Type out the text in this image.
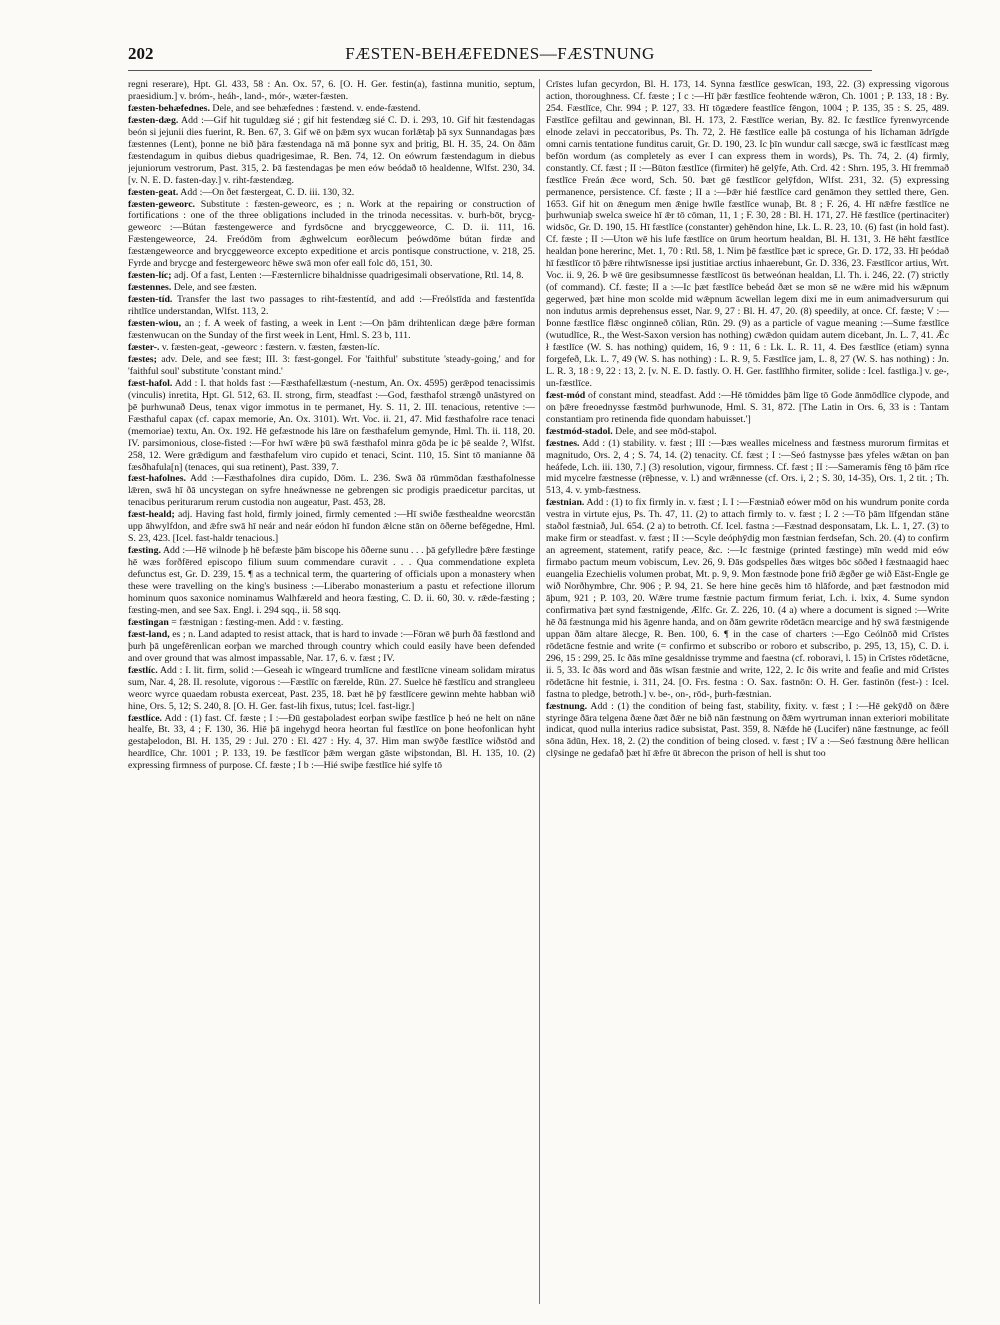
202	FÆSTEN-BEHÆFEDNES—FÆSTNUNG

regni reserare), Hpt. Gl. 433, 58 : An. Ox. 57, 6. [O. H. Ger. festin(a), fastinna munitio, septum, praesidium.] v. bróm-, heáh-, land-, mór-, wæter-fæsten.

fæsten-behæfednes. Dele, and see behæfednes : fæstend. v. ende-fæstend.

fæsten-dæg. Add :—Gif hit tuguldæg sié ; gif hit festendæg sié C. D. i. 293, 10. Gif hit fæstendagas beón si jejunii dies fuerint, R. Ben. 67, 3. Gif wē on þǣm syx wucan forlǣtaþ þā syx Sunnandagas þæs fæstennes (Lent), þonne ne bið þāra fæstendaga nā mā þonne syx and þritig, Bl. H. 35, 24. On ðām fæstendagum in quibus diebus quadrigesimae, R. Ben. 74, 12. On eówrum fæstendagum in diebus jejuniorum vestrorum, Past. 315, 2. Þā fæstendagas þe men eów beódað tō healdenne, Wlfst. 230, 34. [v. N. E. D. fasten-day.] v. riht-fæstendæg.

fæsten-geat. Add :—On ðet fæstergeat, C. D. iii. 130, 32.

fæsten-geweorc. Substitute : fæsten-geweorc, es ; n. Work at the repairing or construction of fortifications : one of the three obligations included in the trinoda necessitas. v. burh-bōt, brycg-geweorc :—Bútan fæstengewerce and fyrdsōcne and brycggeweorce, C. D. ii. 111, 16. Fæstengeweorce, 24. Freódōm from ǣghwelcum eorðlecum þeówdōme bútan firdæ and fæstængeweorce and brycggeweorce excepto expeditione et arcis pontisque constructione, v. 218, 25. Fyrde and brycge and festergeweorc hēwe swā mon ofer eall folc dō, 151, 30.

fæsten-líc; adj. Of a fast, Lenten :—Fæsternlicre bihaldnisse quadrigesimali observatione, Rtl. 14, 8.

fæstennes. Dele, and see fæsten.

fæsten-tíd. Transfer the last two passages to riht-fæstentíd, and add :—Freólstīda and fæstentīda rihtlīce understandan, Wlfst. 113, 2.

fæsten-wiou, an ; f. A week of fasting, a week in Lent :—On þām drihtenlican dæge þǣre forman fæstenwucan on the Sunday of the first week in Lent, Hml. S. 23 b, 111.

fæster-. v. fæsten-geat, -geweorc : fæstern. v. fæsten, fæsten-líc.

fæstes; adv. Dele, and see fæst; III. 3: fæst-gongel. For 'faithful' substitute 'steady-going,' and for 'faithful soul' substitute 'constant mind.'

fæst-hafol. Add : I. that holds fast :—Fæsthafellæstum (-nestum, An. Ox. 4595) gerǣpod tenacissimis (vinculis) inretita, Hpt. Gl. 512, 63. II. strong, firm, steadfast :—God, fæsthafol strængð unāstyred on þē þurhwunað Deus, tenax vigor immotus in te permanet, Hy. S. 11, 2. III. tenacious, retentive :—Fæsthaful capax (cf. capax memorie, An. Ox. 3101). Wrt. Voc. ii. 21, 47. Mid fæsthafolre race tenaci (memoriae) textu, An. Ox. 192. Hē gefæstnode his lāre on fæsthafelum gemynde, Hml. Th. ii. 118, 20. IV. parsimonious, close-fisted :—For hwī wǣre þū swā fæsthafol minra gōda þe ic þē sealde ?, Wlfst. 258, 12. Were grǣdigum and fæsthafelum viro cupido et tenaci, Scint. 110, 15. Sint tō manianne ðā fæsðhafula[n] (tenaces, qui sua retinent), Past. 339, 7.

fæst-hafolnes. Add :—Fæsthafolnes dira cupido, Dōm. L. 236. Swā ðā rūmmōdan fæsthafolnesse lǣren, swā hī ðā uncystegan on syfre hneáwnesse ne gebrengen sic prodigis praedicetur parcitas, ut tenacibus periturarum rerum custodia non augeatur, Past. 453, 28.

fæst-heald; adj. Having fast hold, firmly joined, firmly cemented :—Hī swiðe fæsthealdne weorcstān upp āhwylfdon, and ǣfre swā hī neár and neár eódon hī fundon ǣlcne stān on ōðerne befēgedne, Hml. S. 23, 423. [Icel. fast-haldr tenacious.]

fæsting. Add :—Hē wilnode þ hē befæste þām biscope his ōðerne sunu . . . þā gefylledre þǣre fæstinge hē wæs forðfēred episcopo filium suum commendare curavit . . . Qua commendatione expleta defunctus est, Gr. D. 239, 15. ¶ as a technical term, the quartering of officials upon a monastery when these were travelling on the king's business :—Liberabo monasterium a pastu et refectione illorum hominum quos saxonice nominamus Walhfæreld and heora fæsting, C. D. ii. 60, 30. v. rǣde-fæsting ; fæsting-men, and see Sax. Engl. i. 294 sqq., ii. 58 sqq.

fæstingan = fæstnigan : fæsting-men. Add : v. fæsting.

fæst-land, es ; n. Land adapted to resist attack, that is hard to invade :—Fōran wē þurh ðā fæstlond and þurh þā ungefērenlican eorþan we marched through country which could easily have been defended and over ground that was almost impassable, Nar. 17, 6. v. fæst ; IV.

fæstlíc. Add : I. lit. firm, solid :—Geseah ic wīngeard trumlīcne and fæstlīcne vineam solidam miratus sum, Nar. 4, 28. II. resolute, vigorous :—Fæstlīc on færelde, Rūn. 27. Suelce hē fæstlīcu and strangleeu weorc wyrce quaedam robusta exerceat, Past. 235, 18. Þæt hē þȳ fæstlīcere gewinn mehte habban wið hine, Ors. 5, 12; S. 240, 8. [O. H. Ger. fast-lih fixus, tutus; Icel. fast-ligr.]

fæstlíce. Add : (1) fast. Cf. fæste ; I :—Ðū gestaþoladest eorþan swiþe fæstlīce þ heó ne helt on nāne healfe, Bt. 33, 4 ; F. 130, 36. Hiē þā ingehygd heora heortan ful fæstlīce on þone heofonlican hyht gestaþelodon, Bl. H. 135, 29 : Jul. 270 : El. 427 : Hy. 4, 37. Him man swȳðe fæstlīce wiðstōd and heardlīce, Chr. 1001 ; P. 133, 19. Þe fæstlīcor þǣm wergan gāste wiþstondan, Bl. H. 135, 10. (2) expressing firmness of purpose. Cf. fæste ; I b :—Hié swiþe fæstlīce hié sylfe tō

Crīstes lufan gecyrdon, Bl. H. 173, 14. Synna fæstlīce geswīcan, 193, 22. (3) expressing vigorous action, thoroughness. Cf. fæste ; I c :—Hī þǣr fæstlīce feohtende wǣron, Ch. 1001 ; P. 133, 18 : By. 254. Fæstlīce, Chr. 994 ; P. 127, 33. Hī tōgædere feastlīce fēngon, 1004 ; P. 135, 35 : S. 25, 489. Fæstlīce gefiltau and gewinnan, Bl. H. 173, 2. Fæstlīce werian, By. 82. Ic fæstlīce fyrenwyrcende elnode zelavi in peccatoribus, Ps. Th. 72, 2. Hē fæstlīce ealle þā costunga of his līchaman ādrīgde omni carnis tentatione funditus caruit, Gr. D. 190, 23. Ic þīn wundur call sæcge, swā ic fæstlīcast mæg befōn wordum (as completely as ever I can express them in words), Ps. Th. 74, 2. (4) firmly, constantly. Cf. fæst ; II :—Būton fæstlīce (firmiter) hē gelȳfe, Ath. Crd. 42 : Shrn. 195, 3. Hī fremmað fæstlīce Freán ǣce word, Sch. 50. Þæt gē fæstlīcor gelȳfdon, Wlfst. 231, 32. (5) expressing permanence, persistence. Cf. fæste ; II a :—Þǣr hié fæstlīce card genāmon they settled there, Gen. 1653. Gif hit on ǣnegum men ǣnige hwīle fæstlīce wunaþ, Bt. 8 ; F. 26, 4. Hī nǣfre fæstlīce ne þurhwuniaþ swelca sweice hī ǣr tō cōman, 11, 1 ; F. 30, 28 : Bl. H. 171, 27. Hē fæstlīce (pertinaciter) widsōc, Gr. D. 190, 15. Hī fæstlīce (constanter) gehēndon hine, Lk. L. R. 23, 10. (6) fast (in hold fast). Cf. fæste ; II :—Uton wē his lufe fæstlīce on ūrum heortum healdan, Bl. H. 131, 3. Hē hēht fæstlīce healdan þone hererinc, Met. 1, 70 : Rtl. 58, 1. Nim þē fæstlīce þæt ic sprece, Gr. D. 172, 33. Hī þeódað hī fæstlīcor tō þǣre rihtwīsnesse ipsi justitiae arctius inhaerebunt, Gr. D. 336, 23. Fæstlīcor artius, Wrt. Voc. ii. 9, 26. Þ wē ūre gesibsumnesse fæstlīcost ūs betweónan healdan, Ll. Th. i. 246, 22. (7) strictly (of command). Cf. fæste; II a :—Ic þæt fæstlīce bebeád ðæt se mon sē ne wǣre mid his wǣpnum gegerwed, þæt hine mon scolde mid wǣpnum ācwellan legem dixi me in eum animadversurum qui non indutus armis deprehensus esset, Nar. 9, 27 : Bl. H. 47, 20. (8) speedily, at once. Cf. fæste; V :—Þonne fæstlīce flǣsc onginneð cōlian, Rūn. 29. (9) as a particle of vague meaning :—Sume fæstlīce (wutudlīce, R., the West-Saxon version has nothing) cwǣdon quidam autem dicebant, Jn. L. 7, 41. Ǣc ł fæstlīce (W. S. has nothing) quidem, 16, 9 : 11, 6 : Lk. L. R. 11, 4. Ðes fæstlīce (etiam) synna forgefeð, Lk. L. 7, 49 (W. S. has nothing) : L. R. 9, 5. Fæstlīce jam, L. 8, 27 (W. S. has nothing) : Jn. L. R. 3, 18 : 9, 22 : 13, 2. [v. N. E. D. fastly. O. H. Ger. fastlīhho firmiter, solide : Icel. fastliga.] v. ge-, un-fæstlīce.

fæst-mód of constant mind, steadfast. Add :—Hē tōmiddes þām līge tō Gode ānmōdlīce clypode, and on þǣre freoednysse fæstmōd þurhwunode, Hml. S. 31, 872. [The Latin in Ors. 6, 33 is : Tantam constantiam pro retinenda fide quondam habuisset.']

fæstmód-stadol. Dele, and see mōd-staþol.

fæstnes. Add : (1) stability. v. fæst ; III :—Þæs wealles micelness and fæstness murorum firmitas et magnitudo, Ors. 2, 4 ; S. 74, 14. (2) tenacity. Cf. fæst ; I :—Seó fastnysse þæs yfeles wǣtan on þan heáfede, Lch. iii. 130, 7.] (3) resolution, vigour, firmness. Cf. fæst ; II :—Sameramis fēng tō þām rīce mid mycelre fæstnesse (rēþnesse, v. l.) and wrǣnnesse (cf. Ors. i, 2 ; S. 30, 14-35), Ors. 1, 2 tit. ; Th. 513, 4. v. ymb-fæstness.

fæstnian. Add : (1) to fix firmly in. v. fæst ; I. I :—Fæstniað eówer mōd on his wundrum ponite corda vestra in virtute ejus, Ps. Th. 47, 11. (2) to attach firmly to. v. fæst ; I. 2 :—Tō þām līfgendan stāne staðol fæstniað, Jul. 654. (2 a) to betroth. Cf. Icel. fastna :—Fæstnad desponsatam, Lk. L. 1, 27. (3) to make firm or steadfast. v. fæst ; II :—Scyle deóphȳdig mon fæstnian ferdsefan, Sch. 20. (4) to confirm an agreement, statement, ratify peace, &c. :—Ic fæstnige (printed fæstinge) mīn wedd mid eów firmabo pactum meum vobiscum, Lev. 26, 9. Ðās godspelles ðæs witges bōc sōðed ł fæstnaagid haec euangelia Ezechielis volumen probat, Mt. p. 9, 9. Mon fæstnode þone frið ǣgðer ge wið Eāst-Engle ge wið Norðhymbre, Chr. 906 ; P. 94, 21. Se here hine gecēs him tō hlāforde, and þæt fæstnodon mid āþum, 921 ; P. 103, 20. Wǣre trume fæstnie pactum firmum feriat, Lch. i. lxix, 4. Sume syndon confirmativa þæt synd fæstnigende, Ælfc. Gr. Z. 226, 10. (4 a) where a document is signed :—Write hē ðā fæstnunga mid his āgenre handa, and on ðām gewrite rōdetācn mearcige and hȳ swā fæstnigende uppan ðām altare ālecge, R. Ben. 100, 6. ¶ in the case of charters :—Ego Ceólnōð mid Crīstes rōdetācne festnie and write (= confirmo et subscribo or roboro et subscribo, p. 295, 13, 15), C. D. i. 296, 15 : 299, 25. Ic ðās mīne gesaldnisse trymme and faestna (cf. roboravi, l. 15) in Crīstes rōdetācne, ii. 5, 33. Ic ðās word and ðās wīsan fæstnie and write, 122, 2. Ic ðis write and feaſie and mid Crīstes rōdetācne hit festnie, i. 311, 24. [O. Frs. festna : O. Sax. fastnōn: O. H. Ger. fastinōn (fest-) : Icel. fastna to pledge, betroth.] v. be-, on-, rōd-, þurh-fæstnian.

fæstnung. Add : (1) the condition of being fast, stability, fixity. v. fæst ; I :—Hē gekȳdð on ðǣre styringe ðāra telgena ðæne ðæt ðǣr ne bið nān fæstnung on ðǣm wyrtruman innan exteriori mobilitate indicat, quod nulla interius radice subsistat, Past. 359, 8. Nǣfde hē (Lucifer) nāne fæstnunge, ac feóll sōna ādūn, Hex. 18, 2. (2) the condition of being closed. v. fæst ; IV a :—Seó fæstnung ðǣre hellican clȳsinge ne gedafað þæt hī ǣfre ūt ābrecon the prison of hell is shut too
